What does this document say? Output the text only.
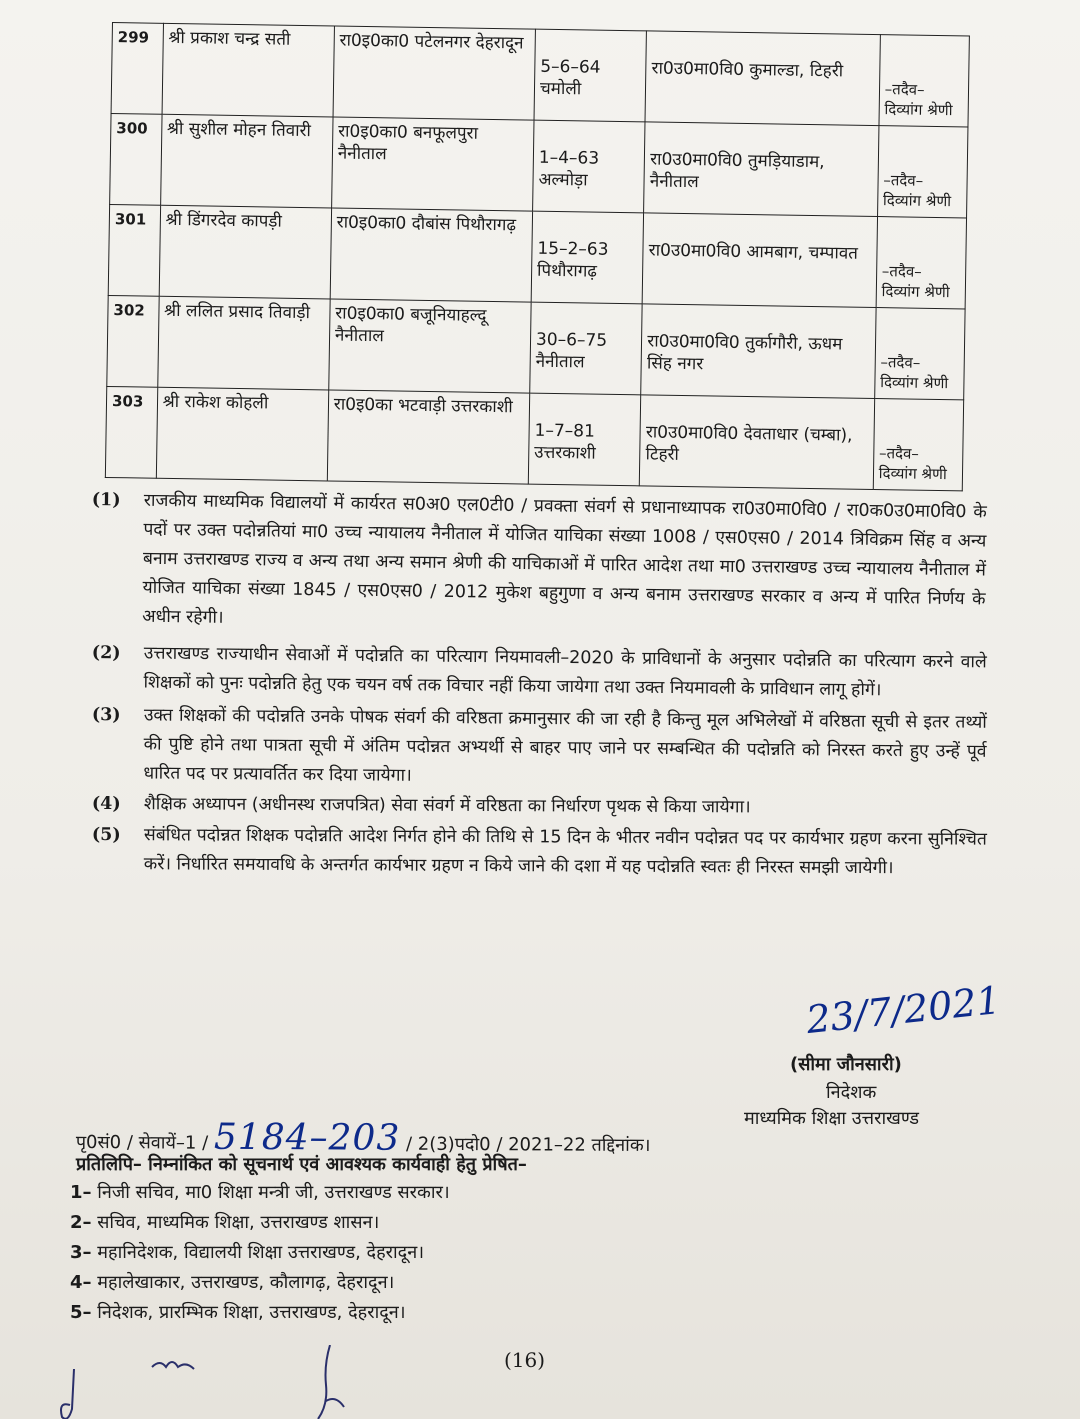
299	श्री प्रकाश चन्द्र सती	रा0इ0का0 पटेलनगर देहरादून	5–6–64 चमोली	रा0उ0मा0वि0 कुमाल्डा, टिहरी	–तदैव– दिव्यांग श्रेणी
300	श्री सुशील मोहन तिवारी	रा0इ0का0 बनफूलपुरा नैनीताल	1–4–63 अल्मोड़ा	रा0उ0मा0वि0 तुमड़ियाडाम, नैनीताल	–तदैव– दिव्यांग श्रेणी
301	श्री डिंगरदेव कापड़ी	रा0इ0का0 दौबांस पिथौरागढ़	15–2–63 पिथौरागढ़	रा0उ0मा0वि0 आमबाग, चम्पावत	–तदैव– दिव्यांग श्रेणी
302	श्री ललित प्रसाद तिवाड़ी	रा0इ0का0 बजूनियाहल्दू नैनीताल	30–6–75 नैनीताल	रा0उ0मा0वि0 तुर्कागौरी, ऊधम सिंह नगर	–तदैव– दिव्यांग श्रेणी
303	श्री राकेश कोहली	रा0इ0का भटवाड़ी उत्तरकाशी	1–7–81 उत्तरकाशी	रा0उ0मा0वि0 देवताधार (चम्बा), टिहरी	–तदैव– दिव्यांग श्रेणी
(1) राजकीय माध्यमिक विद्यालयों में कार्यरत स0अ0 एल0टी0 / प्रवक्ता संवर्ग से प्रधानाध्यापक रा0उ0मा0वि0 / रा0क0उ0मा0वि0 के पदों पर उक्त पदोन्नतियां मा0 उच्च न्यायालय नैनीताल में योजित याचिका संख्या 1008 / एस0एस0 / 2014 त्रिविक्रम सिंह व अन्य बनाम उत्तराखण्ड राज्य व अन्य तथा अन्य समान श्रेणी की याचिकाओं में पारित आदेश तथा मा0 उत्तराखण्ड उच्च न्यायालय नैनीताल में योजित याचिका संख्या 1845 / एस0एस0 / 2012 मुकेश बहुगुणा व अन्य बनाम उत्तराखण्ड सरकार व अन्य में पारित निर्णय के अधीन रहेगी।
(2) उत्तराखण्ड राज्याधीन सेवाओं में पदोन्नति का परित्याग नियमावली–2020 के प्राविधानों के अनुसार पदोन्नति का परित्याग करने वाले शिक्षकों को पुनः पदोन्नति हेतु एक चयन वर्ष तक विचार नहीं किया जायेगा तथा उक्त नियमावली के प्राविधान लागू होगें।
(3) उक्त शिक्षकों की पदोन्नति उनके पोषक संवर्ग की वरिष्ठता क्रमानुसार की जा रही है किन्तु मूल अभिलेखों में वरिष्ठता सूची से इतर तथ्यों की पुष्टि होने तथा पात्रता सूची में अंतिम पदोन्नत अभ्यर्थी से बाहर पाए जाने पर सम्बन्धित की पदोन्नति को निरस्त करते हुए उन्हें पूर्व धारित पद पर प्रत्यावर्तित कर दिया जायेगा।
(4) शैक्षिक अध्यापन (अधीनस्थ राजपत्रित) सेवा संवर्ग में वरिष्ठता का निर्धारण पृथक से किया जायेगा।
(5) संबंधित पदोन्नत शिक्षक पदोन्नति आदेश निर्गत होने की तिथि से 15 दिन के भीतर नवीन पदोन्नत पद पर कार्यभार ग्रहण करना सुनिश्चित करें। निर्धारित समयावधि के अन्तर्गत कार्यभार ग्रहण न किये जाने की दशा में यह पदोन्नति स्वतः ही निरस्त समझी जायेगी।
23/7/2021
(सीमा जौनसारी)
निदेशक
माध्यमिक शिक्षा उत्तराखण्ड
पृ0सं0 / सेवायें–1 / 5184–203 / 2(3)पदो0 / 2021–22 तद्दिनांक।
प्रतिलिपि– निम्नांकित को सूचनार्थ एवं आवश्यक कार्यवाही हेतु प्रेषित–
1– निजी सचिव, मा0 शिक्षा मन्त्री जी, उत्तराखण्ड सरकार।
2– सचिव, माध्यमिक शिक्षा, उत्तराखण्ड शासन।
3– महानिदेशक, विद्यालयी शिक्षा उत्तराखण्ड, देहरादून।
4– महालेखाकार, उत्तराखण्ड, कौलागढ़, देहरादून।
5– निदेशक, प्रारम्भिक शिक्षा, उत्तराखण्ड, देहरादून।
(16)
